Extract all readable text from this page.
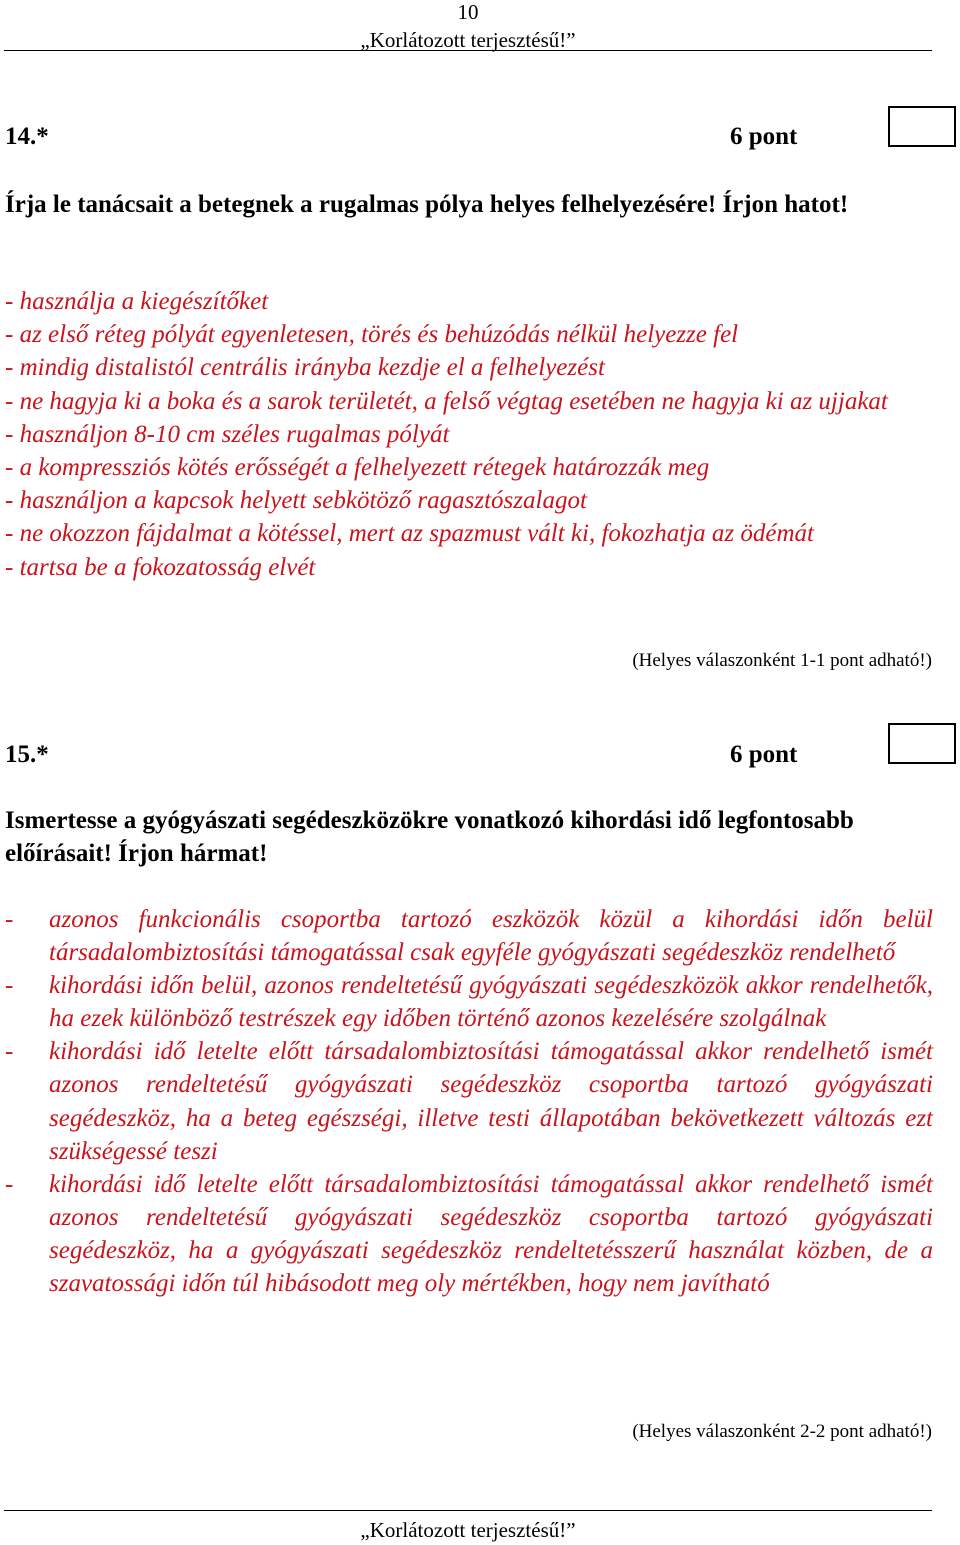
10
„Korlátozott terjesztésű!”
14.*	6 pont
Írja le tanácsait a betegnek a rugalmas pólya helyes felhelyezésére! Írjon hatot!
- használja a kiegészítőket
- az első réteg pólyát egyenletesen, törés és behúzódás nélkül helyezze fel
- mindig distalistól centrális irányba kezdje el a felhelyezést
- ne hagyja ki a boka és a sarok területét, a felső végtag esetében ne hagyja ki az ujjakat
- használjon 8-10 cm széles rugalmas pólyát
- a kompressziós kötés erősségét a felhelyezett rétegek határozzák meg
- használjon a kapcsok helyett sebkötöző ragasztószalagot
- ne okozzon fájdalmat a kötéssel, mert az spazmust vált ki, fokozhatja az ödémát
- tartsa be a fokozatosság elvét
(Helyes válaszonként 1-1 pont adható!)
15.*	6 pont
Ismertesse a gyógyászati segédeszközökre vonatkozó kihordási idő legfontosabb előírásait! Írjon hármat!
- azonos funkcionális csoportba tartozó eszközök közül a kihordási időn belül társadalombiztosítási támogatással csak egyféle gyógyászati segédeszköz rendelhető
- kihordási időn belül, azonos rendeltetésű gyógyászati segédeszközök akkor rendelhetők, ha ezek különböző testrészek egy időben történő azonos kezelésére szolgálnak
- kihordási idő letelte előtt társadalombiztosítási támogatással akkor rendelhető ismét azonos rendeltetésű gyógyászati segédeszköz csoportba tartozó gyógyászati segédeszköz, ha a beteg egészségi, illetve testi állapotában bekövetkezett változás ezt szükségessé teszi
- kihordási idő letelte előtt társadalombiztosítási támogatással akkor rendelhető ismét azonos rendeltetésű gyógyászati segédeszköz csoportba tartozó gyógyászati segédeszköz, ha a gyógyászati segédeszköz rendeltetésszerű használat közben, de a szavatossági időn túl hibásodott meg oly mértékben, hogy nem javítható
(Helyes válaszonként 2-2 pont adható!)
„Korlátozott terjesztésű!”
